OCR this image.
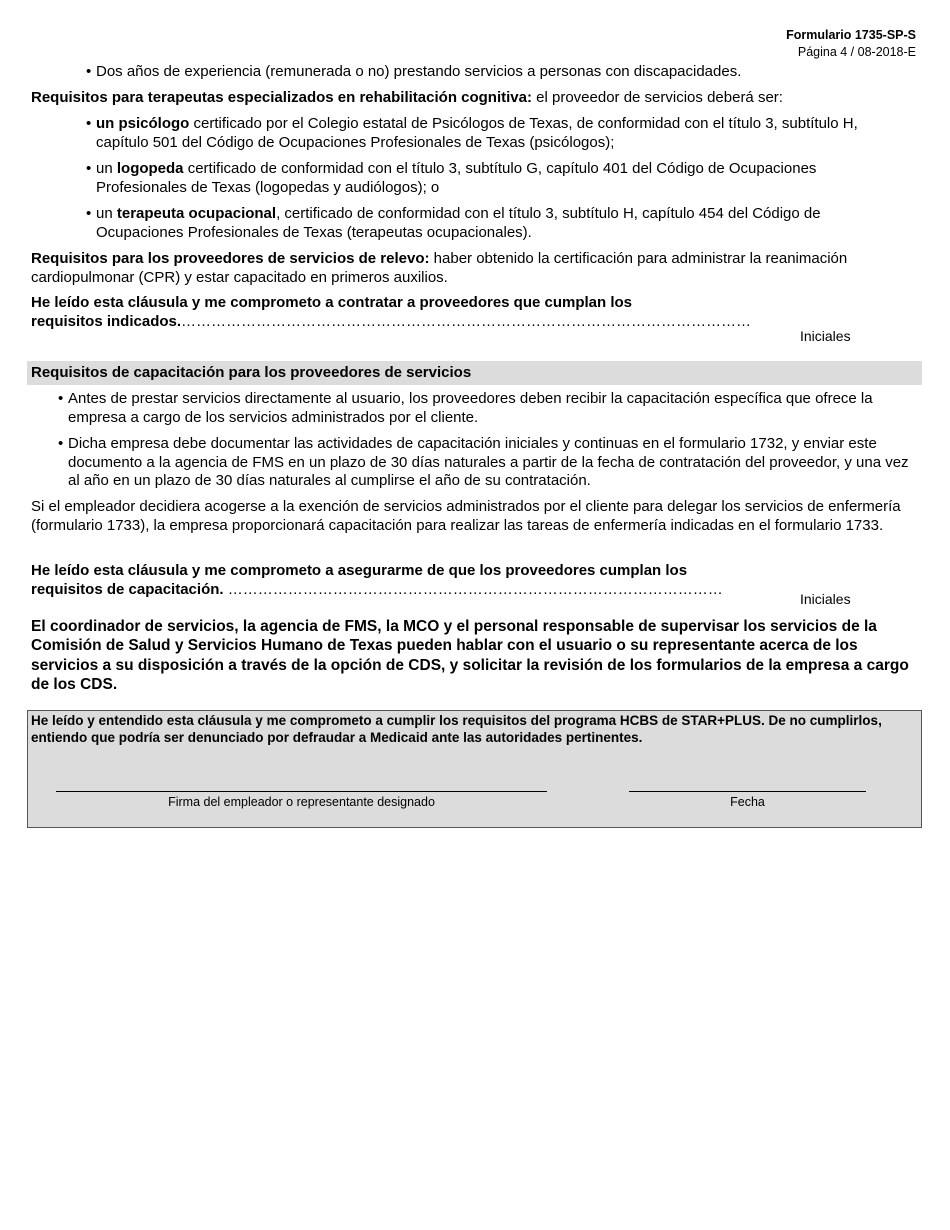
Formulario 1735-SP-S
Página 4 / 08-2018-E
• Dos años de experiencia (remunerada o no) prestando servicios a personas con discapacidades.

Requisitos para terapeutas especializados en rehabilitación cognitiva: el proveedor de servicios deberá ser:

• un psicólogo certificado por el Colegio estatal de Psicólogos de Texas, de conformidad con el título 3, subtítulo H, capítulo 501 del Código de Ocupaciones Profesionales de Texas (psicólogos);
• un logopeda certificado de conformidad con el título 3, subtítulo G, capítulo 401 del Código de Ocupaciones Profesionales de Texas (logopedas y audiólogos); o
• un terapeuta ocupacional, certificado de conformidad con el título 3, subtítulo H, capítulo 454 del Código de Ocupaciones Profesionales de Texas (terapeutas ocupacionales).

Requisitos para los proveedores de servicios de relevo: haber obtenido la certificación para administrar la reanimación cardiopulmonar (CPR) y estar capacitado en primeros auxilios.

He leído esta cláusula y me comprometo a contratar a proveedores que cumplan los
requisitos indicados.……………………………………………………………………………………………………
Iniciales
Requisitos de capacitación para los proveedores de servicios
• Antes de prestar servicios directamente al usuario, los proveedores deben recibir la capacitación específica que ofrece la empresa a cargo de los servicios administrados por el cliente.
• Dicha empresa debe documentar las actividades de capacitación iniciales y continuas en el formulario 1732, y enviar este documento a la agencia de FMS en un plazo de 30 días naturales a partir de la fecha de contratación del proveedor, y una vez al año en un plazo de 30 días naturales al cumplirse el año de su contratación.

Si el empleador decidiera acogerse a la exención de servicios administrados por el cliente para delegar los servicios de enfermería (formulario 1733), la empresa proporcionará capacitación para realizar las tareas de enfermería indicadas en el formulario 1733.

He leído esta cláusula y me comprometo a asegurarme de que los proveedores cumplan los
requisitos de capacitación. ………………………………………………………………………………………
Iniciales

El coordinador de servicios, la agencia de FMS, la MCO y el personal responsable de supervisar los servicios de la Comisión de Salud y Servicios Humano de Texas pueden hablar con el usuario o su representante acerca de los servicios a su disposición a través de la opción de CDS, y solicitar la revisión de los formularios de la empresa a cargo de los CDS.

He leído y entendido esta cláusula y me comprometo a cumplir los requisitos del programa HCBS de STAR+PLUS. De no cumplirlos, entiendo que podría ser denunciado por defraudar a Medicaid ante las autoridades pertinentes.
Firma del empleador o representante designado	Fecha
